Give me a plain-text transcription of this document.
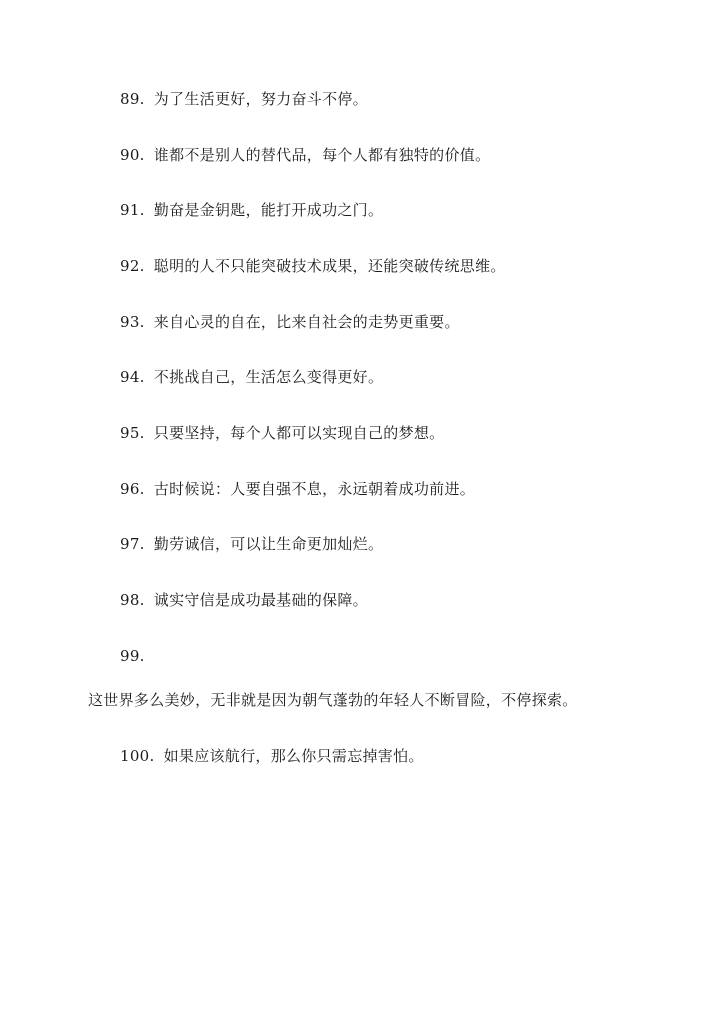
89. 为了生活更好，努力奋斗不停。
90. 谁都不是别人的替代品，每个人都有独特的价值。
91. 勤奋是金钥匙，能打开成功之门。
92. 聪明的人不只能突破技术成果，还能突破传统思维。
93. 来自心灵的自在，比来自社会的走势更重要。
94. 不挑战自己，生活怎么变得更好。
95. 只要坚持，每个人都可以实现自己的梦想。
96. 古时候说：人要自强不息，永远朝着成功前进。
97. 勤劳诚信，可以让生命更加灿烂。
98. 诚实守信是成功最基础的保障。
99.
这世界多么美妙，无非就是因为朝气蓬勃的年轻人不断冒险，不停探索。
100. 如果应该航行，那么你只需忘掉害怕。
